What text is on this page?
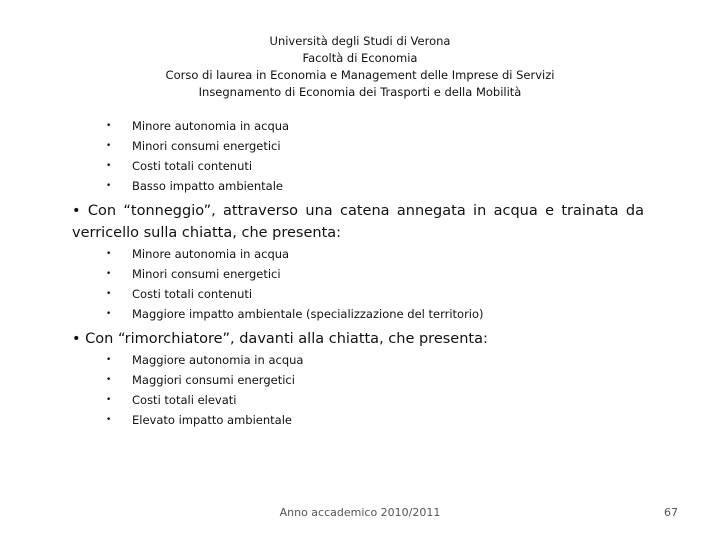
Università degli Studi di Verona
Facoltà di Economia
Corso di laurea in Economia e Management delle Imprese di Servizi
Insegnamento di Economia dei Trasporti e della Mobilità
• Minore autonomia in acqua
• Minori consumi energetici
• Costi totali contenuti
• Basso impatto ambientale
• Con “tonneggio”, attraverso una catena annegata in acqua e trainata da verricello sulla chiatta, che presenta:
• Minore autonomia in acqua
• Minori consumi energetici
• Costi totali contenuti
• Maggiore impatto ambientale (specializzazione del territorio)
• Con “rimorchiatore”, davanti alla chiatta, che presenta:
• Maggiore autonomia in acqua
• Maggiori consumi energetici
• Costi totali elevati
• Elevato impatto ambientale
Anno accademico 2010/2011	67
